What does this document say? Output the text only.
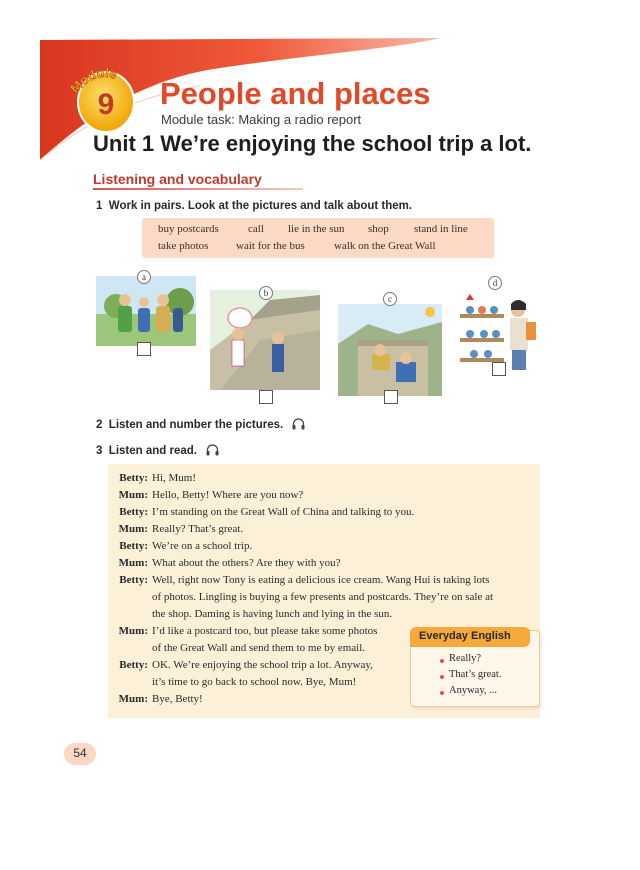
Module
9 People and places
Module task: Making a radio report
Unit 1 We’re enjoying the school trip a lot.
Listening and vocabulary
1 Work in pairs. Look at the pictures and talk about them.
buy postcards	call lie in the sun shop stand in line
take photos	wait for the bus	walk on the Great Wall
a
b
c
d
2 Listen and number the pictures.
3 Listen and read.
Betty: Hi, Mum!
Mum: Hello, Betty! Where are you now?
Betty: I’m standing on the Great Wall of China and talking to you.
Mum: Really? That’s great.
Betty: We’re on a school trip.
Mum: What about the others? Are they with you?
Betty: Well, right now Tony is eating a delicious ice cream. Wang Hui is taking lots
of photos. Lingling is buying a few presents and postcards. They’re on sale at
the shop. Daming is having lunch and lying in the sun.
Mum: I’d like a postcard too, but please take some photos
of the Great Wall and send them to me by email.
Betty: OK. We’re enjoying the school trip a lot. Anyway,
it’s time to go back to school now. Bye, Mum!
Mum: Bye, Betty!
Everyday English
Really?
That’s great.
Anyway, ...
54
